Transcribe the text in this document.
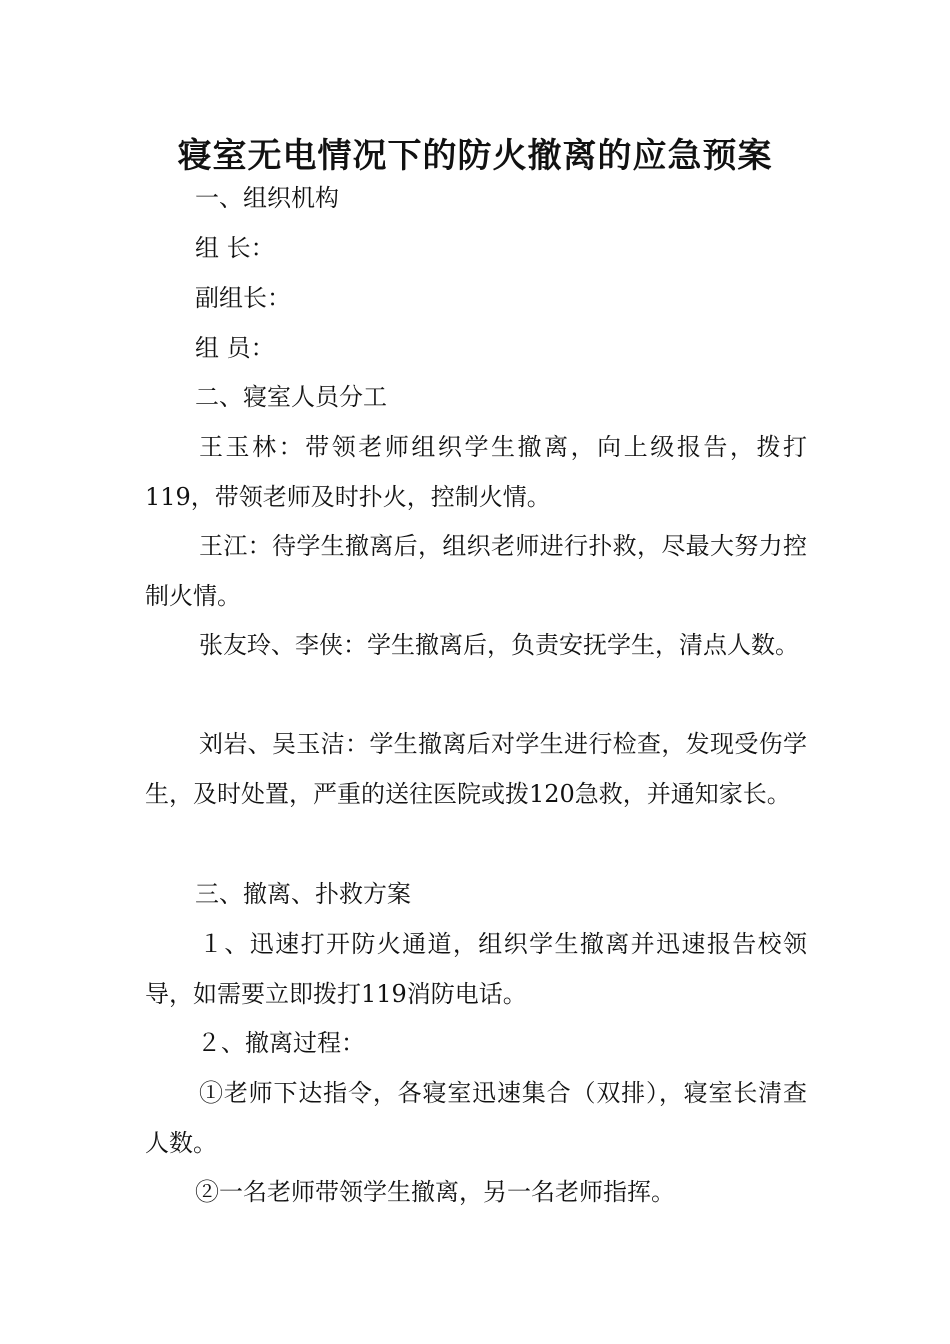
寝室无电情况下的防火撤离的应急预案

一、组织机构

组 长：

副组长：

组 员：

二、寝室人员分工

王玉林：带领老师组织学生撤离，向上级报告，拨打119，带领老师及时扑火，控制火情。

王江：待学生撤离后，组织老师进行扑救，尽最大努力控制火情。

张友玲、李侠：学生撤离后，负责安抚学生，清点人数。

刘岩、吴玉洁：学生撤离后对学生进行检查，发现受伤学生，及时处置，严重的送往医院或拨120急救，并通知家长。

三、撤离、扑救方案

１、迅速打开防火通道，组织学生撤离并迅速报告校领导，如需要立即拨打119消防电话。

２、撤离过程：

①老师下达指令，各寝室迅速集合（双排），寝室长清查人数。

②一名老师带领学生撤离，另一名老师指挥。
